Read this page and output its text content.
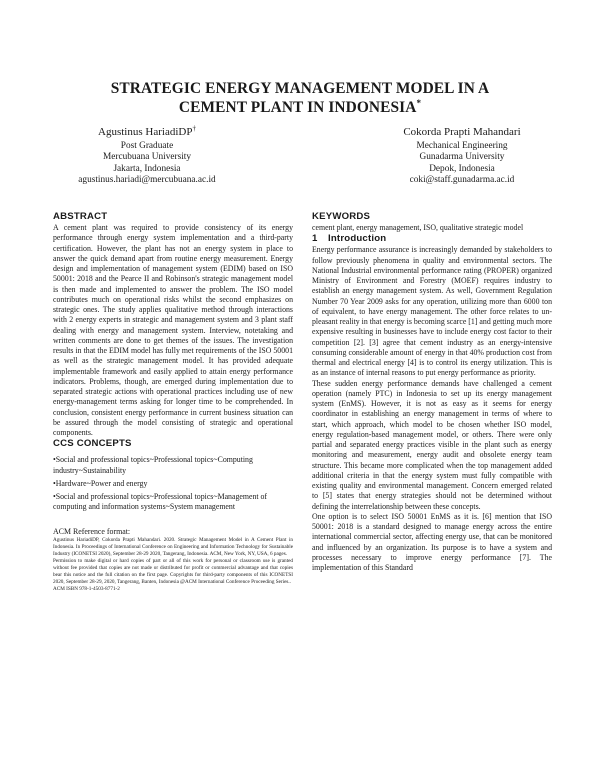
STRATEGIC ENERGY MANAGEMENT MODEL IN A
CEMENT PLANT IN INDONESIA*
Agustinus HariadiDP†
Post Graduate
Mercubuana University
Jakarta, Indonesia
agustinus.hariadi@mercubuana.ac.id
Cokorda Prapti Mahandari
Mechanical Engineering
Gunadarma University
Depok, Indonesia
coki@staff.gunadarma.ac.id
ABSTRACT

A cement plant was required to provide consistency of its energy performance through energy system implementation and a third-party certification. However, the plant has not an energy system in place to answer the quick demand apart from routine energy measurement. Energy design and implementation of management system (EDIM) based on ISO 50001: 2018 and the Pearce II and Robinson's strategic management model is then made and implemented to answer the problem. The ISO model contributes much on operational risks whilst the second emphasizes on strategic ones. The study applies qualitative method through interactions with 2 energy experts in strategic and management system and 3 plant staff dealing with energy and management system. Interview, notetaking and written comments are done to get themes of the issues. The investigation results in that the EDIM model has fully met requirements of the ISO 50001 as well as the strategic management model. It has provided adequate implementable framework and easily applied to attain energy performance indicators. Problems, though, are emerged during implementation due to separated strategic actions with operational practices including use of new energy-management terms asking for longer time to be comprehended. In conclusion, consistent energy performance in current business situation can be assured through the model consisting of strategic and operational components.

CCS CONCEPTS
•Social and professional topics~Professional topics~Computing industry~Sustainability
•Hardware~Power and energy
•Social and professional topics~Professional topics~Management of computing and information systems~System management
ACM Reference format:

Agustinus HariadiDP, Cokorda Prapti Mahandari. 2020. Strategic Management Model in A Cement Plant in Indonesia. In Proceedings of International Conference on Engineering and Information Technology for Sustainable Industry (ICONETSI 2020), September 28-29 2020, Tangerang, Indonesia. ACM, New York, NY, USA, 6 pages.

Permission to make digital or hard copies of part or all of this work for personal or classroom use is granted without fee provided that copies are not made or distributed for profit or commercial advantage and that copies bear this notice and the full citation on the first page. Copyrights for third-party components of this ICONETSI 2020, September 28-29, 2020, Tangerang, Banten, Indonesia @ACM International Conference Proceeding Series..

ACM ISBN 978-1-4503-8771-2

KEYWORDS

cement plant, energy management, ISO, qualitative strategic model

1 Introduction

Energy performance assurance is increasingly demanded by stakeholders to follow previously phenomena in quality and environmental sectors. The National Industrial environmental performance rating (PROPER) organized Ministry of Environment and Forestry (MOEF) requires industry to establish an energy management system. As well, Government Regulation Number 70 Year 2009 asks for any operation, utilizing more than 6000 ton of equivalent, to have energy management. The other force relates to un-pleasant reality in that energy is becoming scarce [1] and getting much more expensive resulting in businesses have to include energy cost factor to their competition [2]. [3] agree that cement industry as an energy-intensive consuming considerable amount of energy in that 40% production cost from thermal and electrical energy [4] is to control its energy utilization. This is as an instance of internal reasons to put energy performance as priority.

These sudden energy performance demands have challenged a cement operation (namely PTC) in Indonesia to set up its energy management system (EnMS). However, it is not as easy as it seems for energy coordinator in establishing an energy management in terms of where to start, which approach, which model to be chosen whether ISO model, energy regulation-based management model, or others. There were only partial and separated energy practices visible in the plant such as energy monitoring and measurement, energy audit and obsolete energy team structure. This became more complicated when the top management added additional criteria in that the energy system must fully compatible with existing quality and environmental management. Concern emerged related to [5] states that energy strategies should not be determined without defining the interrelationship between these concepts.

One option is to select ISO 50001 EnMS as it is. [6] mention that ISO 50001: 2018 is a standard designed to manage energy across the entire international commercial sector, affecting energy use, that can be monitored and influenced by an organization. Its purpose is to have a system and processes necessary to improve energy performance [7]. The implementation of this Standard
